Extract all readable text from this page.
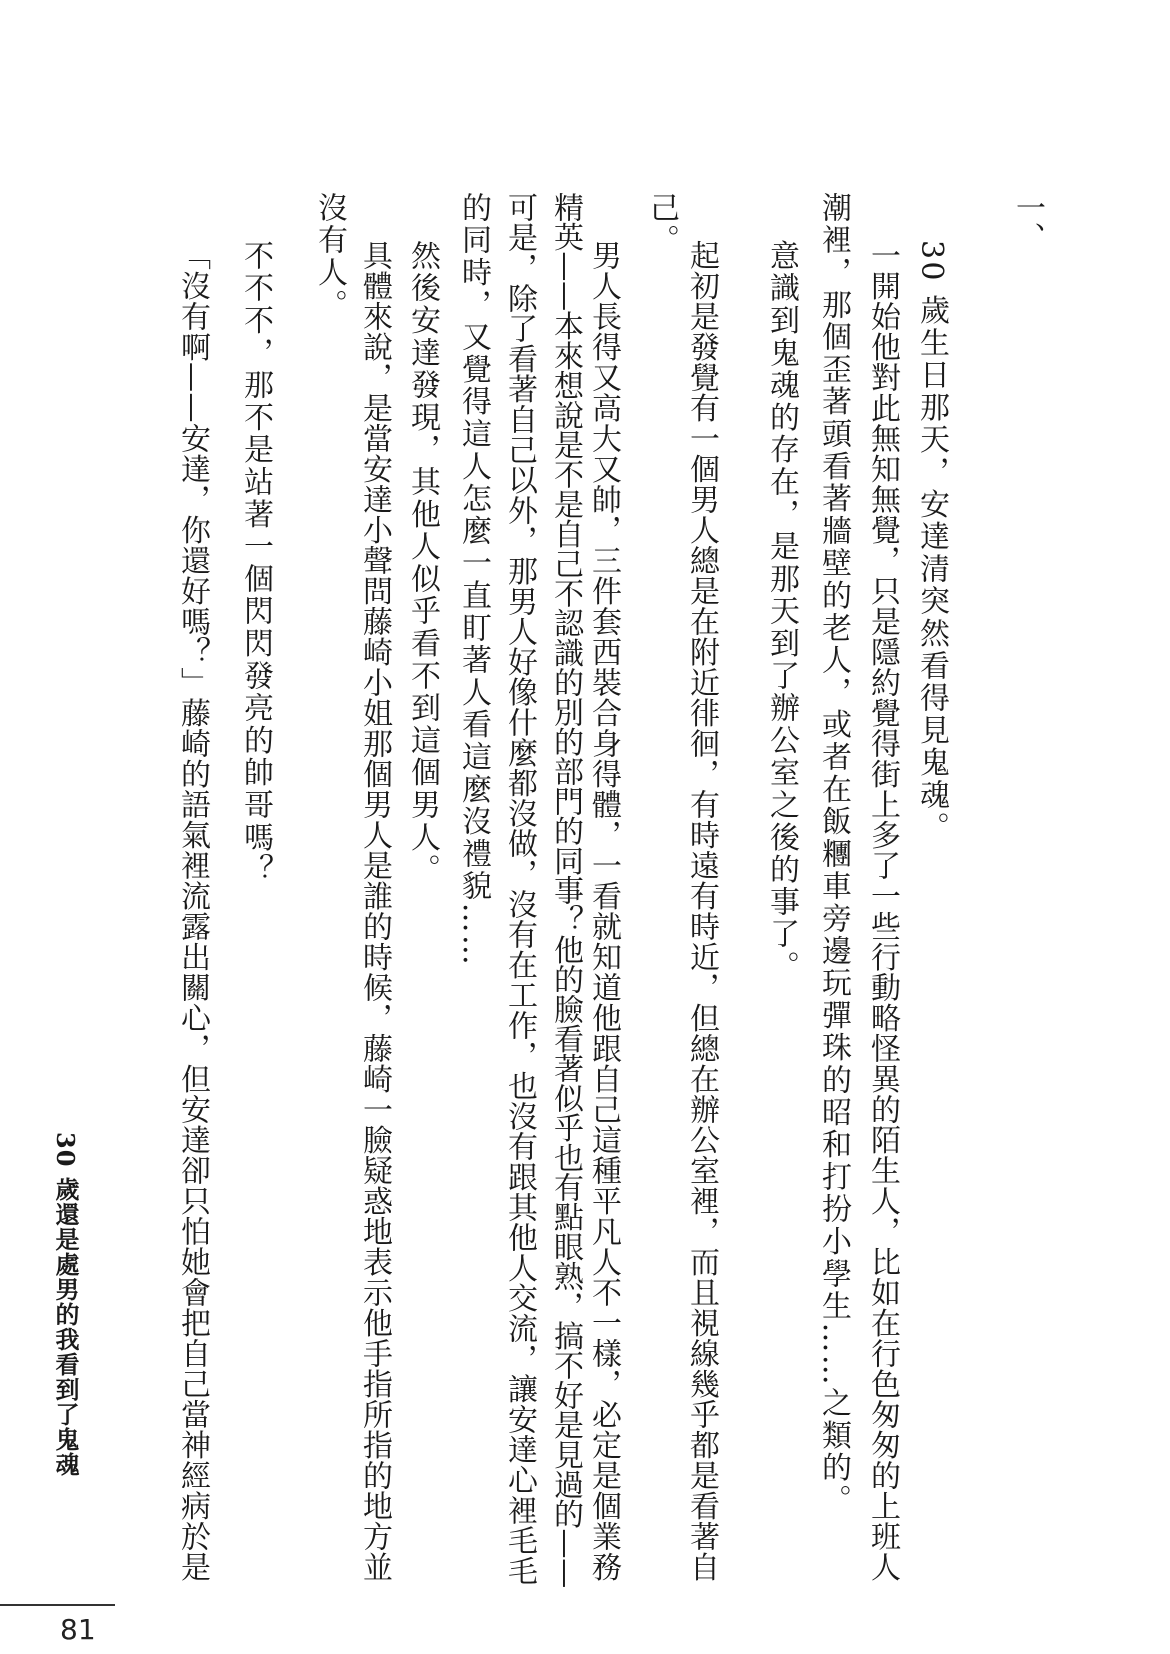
一、
30 歲生日那天，安達清突然看得見鬼魂。
一開始他對此無知無覺，只是隱約覺得街上多了一些行動略怪異的陌生人，比如在行色匆匆的上班人
潮裡，那個歪著頭看著牆壁的老人，或者在飯糰車旁邊玩彈珠的昭和打扮小學生……之類的。
意識到鬼魂的存在，是那天到了辦公室之後的事了。
起初是發覺有一個男人總是在附近徘徊，有時遠有時近，但總在辦公室裡，而且視線幾乎都是看著自
己。
男人長得又高大又帥，三件套西裝合身得體，一看就知道他跟自己這種平凡人不一樣，必定是個業務
精英——本來想說是不是自己不認識的別的部門的同事？他的臉看著似乎也有點眼熟，搞不好是見過的——
可是，除了看著自己以外，那男人好像什麼都沒做，沒有在工作，也沒有跟其他人交流，讓安達心裡毛毛
的同時，又覺得這人怎麼一直盯著人看這麼沒禮貌……
然後安達發現，其他人似乎看不到這個男人。
具體來說，是當安達小聲問藤崎小姐那個男人是誰的時候，藤崎一臉疑惑地表示他手指所指的地方並
沒有人。
不不不，那不是站著一個閃閃發亮的帥哥嗎？
「沒有啊——安達，你還好嗎？」藤崎的語氣裡流露出關心，但安達卻只怕她會把自己當神經病於是
30 歲還是處男的我看到了鬼魂
81
